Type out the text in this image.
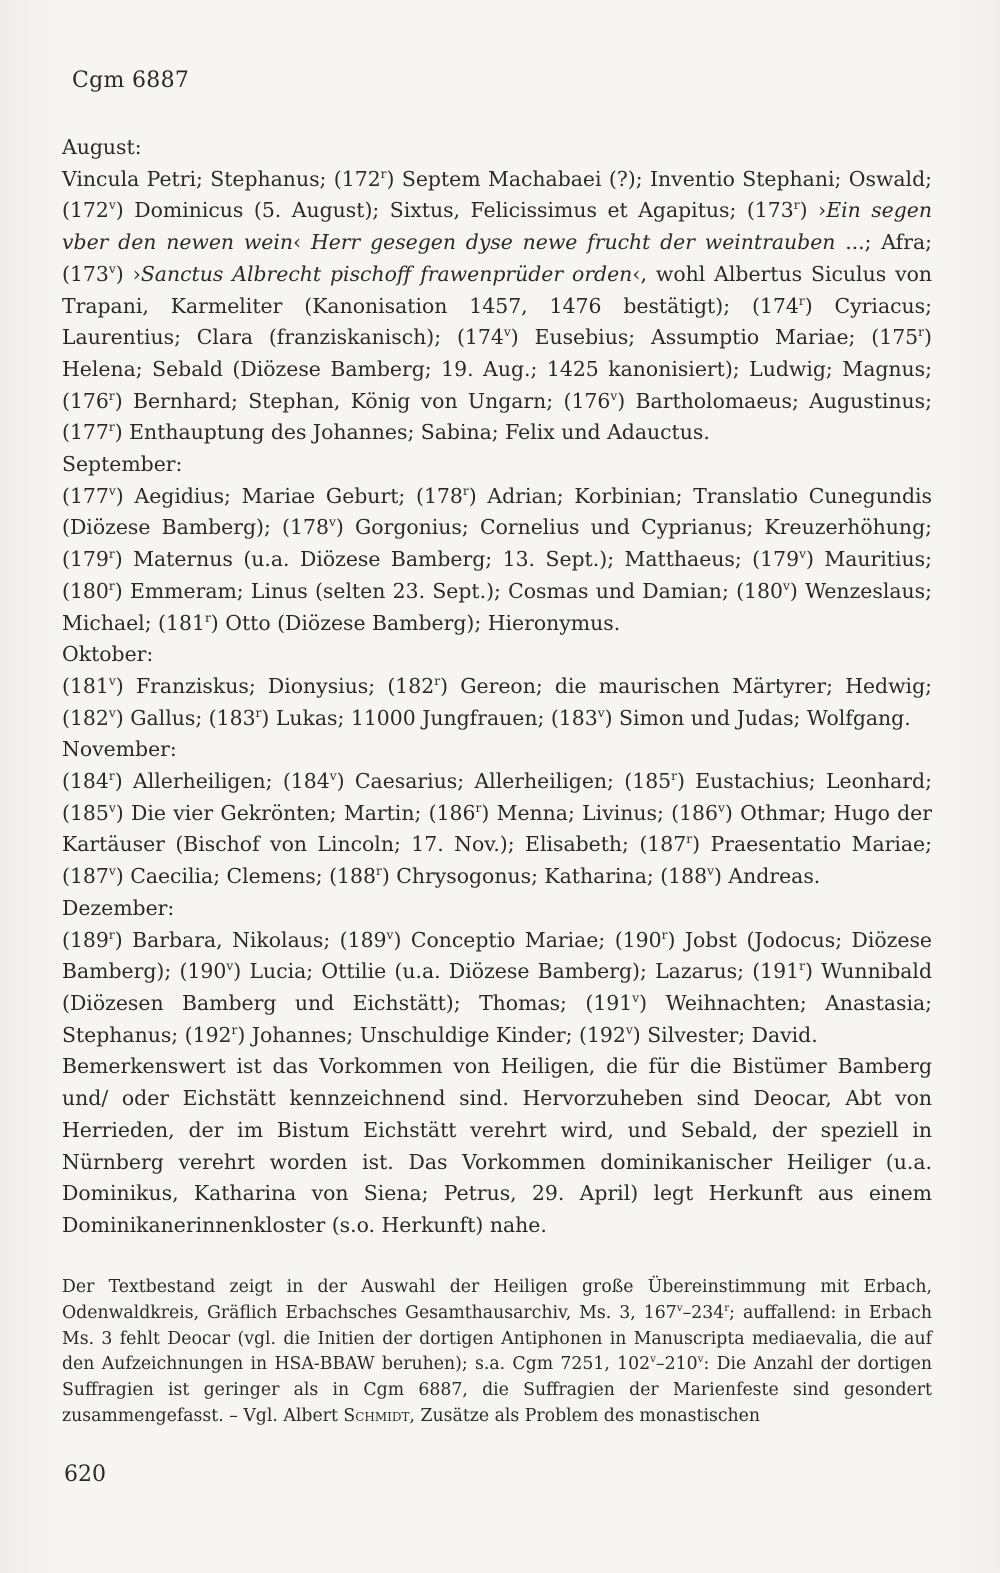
Cgm 6887

August:

Vincula Petri; Stephanus; (172$^r$) Septem Machabaei (?); Inventio Stephani; Oswald; (172$^v$) Dominicus (5. August); Sixtus, Felicissimus et Agapitus; (173$^r$) ›Ein segen vber den newen wein‹ Herr gesegen dyse newe frucht der weintrauben ...; Afra; (173$^v$) ›Sanctus Albrecht pischoff frawenprüder orden‹, wohl Albertus Siculus von Trapani, Karmeliter (Kanonisation 1457, 1476 bestätigt); (174$^r$) Cyriacus; Laurentius; Clara (franziskanisch); (174$^v$) Eusebius; Assumptio Mariae; (175$^r$) Helena; Sebald (Diözese Bamberg; 19. Aug.; 1425 kanonisiert); Ludwig; Magnus; (176$^r$) Bernhard; Stephan, König von Ungarn; (176$^v$) Bartholomaeus; Augustinus; (177$^r$) Enthauptung des Johannes; Sabina; Felix und Adauctus.

September:

(177$^v$) Aegidius; Mariae Geburt; (178$^r$) Adrian; Korbinian; Translatio Cunegundis (Diözese Bamberg); (178$^v$) Gorgonius; Cornelius und Cyprianus; Kreuzerhöhung; (179$^r$) Maternus (u.a. Diözese Bamberg; 13. Sept.); Matthaeus; (179$^v$) Mauritius; (180$^r$) Emmeram; Linus (selten 23. Sept.); Cosmas und Damian; (180$^v$) Wenzeslaus; Michael; (181$^r$) Otto (Diözese Bamberg); Hieronymus.

Oktober:

(181$^v$) Franziskus; Dionysius; (182$^r$) Gereon; die maurischen Märtyrer; Hedwig; (182$^v$) Gallus; (183$^r$) Lukas; 11000 Jungfrauen; (183$^v$) Simon und Judas; Wolfgang.

November:

(184$^r$) Allerheiligen; (184$^v$) Caesarius; Allerheiligen; (185$^r$) Eustachius; Leonhard; (185$^v$) Die vier Gekrönten; Martin; (186$^r$) Menna; Livinus; (186$^v$) Othmar; Hugo der Kartäuser (Bischof von Lincoln; 17. Nov.); Elisabeth; (187$^r$) Praesentatio Mariae; (187$^v$) Caecilia; Clemens; (188$^r$) Chrysogonus; Katharina; (188$^v$) Andreas.

Dezember:

(189$^r$) Barbara, Nikolaus; (189$^v$) Conceptio Mariae; (190$^r$) Jobst (Jodocus; Diözese Bamberg); (190$^v$) Lucia; Ottilie (u.a. Diözese Bamberg); Lazarus; (191$^r$) Wunnibald (Diözesen Bamberg und Eichstätt); Thomas; (191$^v$) Weihnachten; Anastasia; Stephanus; (192$^r$) Johannes; Unschuldige Kinder; (192$^v$) Silvester; David.

Bemerkenswert ist das Vorkommen von Heiligen, die für die Bistümer Bamberg und/ oder Eichstätt kennzeichnend sind. Hervorzuheben sind Deocar, Abt von Herrieden, der im Bistum Eichstätt verehrt wird, und Sebald, der speziell in Nürnberg verehrt worden ist. Das Vorkommen dominikanischer Heiliger (u.a. Dominikus, Katharina von Siena; Petrus, 29. April) legt Herkunft aus einem Dominikanerinnenkloster (s.o. Herkunft) nahe.

Der Textbestand zeigt in der Auswahl der Heiligen große Übereinstimmung mit Erbach, Odenwaldkreis, Gräflich Erbachsches Gesamthausarchiv, Ms. 3, 167$^v$–234$^r$; auffallend: in Erbach Ms. 3 fehlt Deocar (vgl. die Initien der dortigen Antiphonen in Manuscripta mediaevalia, die auf den Aufzeichnungen in HSA-BBAW beruhen); s.a. Cgm 7251, 102$^v$–210$^v$: Die Anzahl der dortigen Suffragien ist geringer als in Cgm 6887, die Suffragien der Marienfeste sind gesondert zusammengefasst. – Vgl. Albert Schmidt, Zusätze als Problem des monastischen

620
